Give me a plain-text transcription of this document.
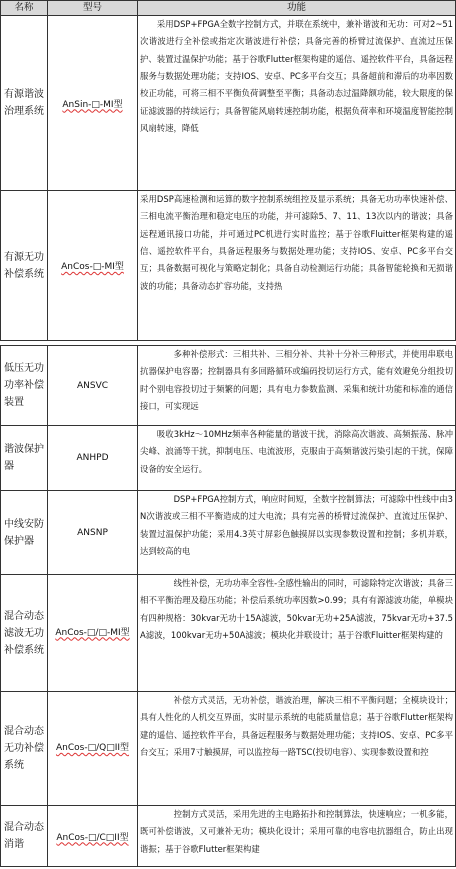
名称	型号	功能
有源谐波治理系统	AnSin-□-MI型	采用DSP+FPGA全数字控制方式，并联在系统中，兼补谐波和无功：可对2~51次谐波进行全补偿或指定次谐波进行补偿；具备完善的桥臂过流保护、直流过压保护、装置过温保护功能；基于谷歌Flutter框架构建的遥信、遥控软件平台，具备远程服务与数据处理功能；支持IOS、安卓、PC多平台交互；具备超前和滞后的功率因数校正功能，可将三相不平衡负荷调整至平衡；具备动态过温降额功能，较大限度的保证滤波器的持续运行；具备智能风扇转速控制功能，根据负荷率和环境温度智能控制风扇转速，降低

有源无功补偿系统	AnCos-□-MI型	采用DSP高速检测和运算的数字控制系统组控及显示系统；具备无功功率快速补偿、三相电流平衡治理和稳定电压的功能，并可滤除5、7、11、13次以内的谐波；具备远程通讯接口功能，并可通过PC机进行实时监控；基于谷歌Fluitter框架构建的遥信、遥控软件平台，具备远程服务与数据处理功能；支持IOS、安卓、PC多平台交互；具备数据可视化与策略定制化；具备自动检测运行功能；具备智能轮换和无损谐波的功能；具备动态扩容功能，支持热

低压无功功率补偿装置	ANSVC	多种补偿形式：三相共补、三相分补、共补十分补三种形式，并使用串联电抗器保护电容器；控制器具有多回路循环或编码投切运行方式，能有效避免分组投切时个别电容投切过于频繁的问题；具有电力参数监测、采集和统计功能和标准的通信接口，可实现远

谐波保护器	ANHPD	吸收3kHz～10MHz频率各种能量的谐波干扰，消除高次谐波、高频振荡、脉冲尖峰、浪涌等干扰，抑制电压、电流波形，克服由于高频谐波污染引起的干扰，保障设备的安全运行。

中线安防保护器	ANSNP	DSP+FPGA控制方式，响应时间短，全数字控制算法；可滤除中性线中由3N次谐波或三相不平衡造成的过大电流；具有完善的桥臂过流保护、直流过压保护、装置过温保护功能；采用4.3英寸屏彩色触摸屏以实现参数设置和控制；多机并联，达到较高的电

混合动态滤波无功补偿系统	AnCos-□/□-MI型	线性补偿，无功功率全容性-全感性输出的同时，可滤除特定次谐波；具备三相不平衡治理及稳压功能；补偿后系统功率因数>0.99；具有有源滤波功能，单模块有四种规格：30kvar无功十15A滤波，50kvar无功+25A滤波，75kvar无功+37.5A滤波，100kvar无功+50A滤波；模块化并联设计；基于谷歌Fluitter框架构建的

混合动态无功补偿系统	AnCos-□/Q□II型	补偿方式灵活，无功补偿，谐波治理，解决三相不平衡问题；全模块设计；具有人性化的人机交互界面，实时显示系统的电能质量信息；基于谷歌Flutter框架构建的遥信、遥控软件平台，具备远程服务与数据处理功能；支持IOS、安卓、PC多平台交互；采用7寸触摸屏，可以监控每一路TSC(投切电容）、实现参数设置和控

混合动态消谐	AnCos-□/C□II型	控制方式灵活，采用先进的主电路拓扑和控制算法，快速响应；一机多能，既可补偿谐波，又可兼补无功；模块化设计；采用可靠的电容电抗器组合，防止出现谐振；基于谷歌Flutter框架构建
